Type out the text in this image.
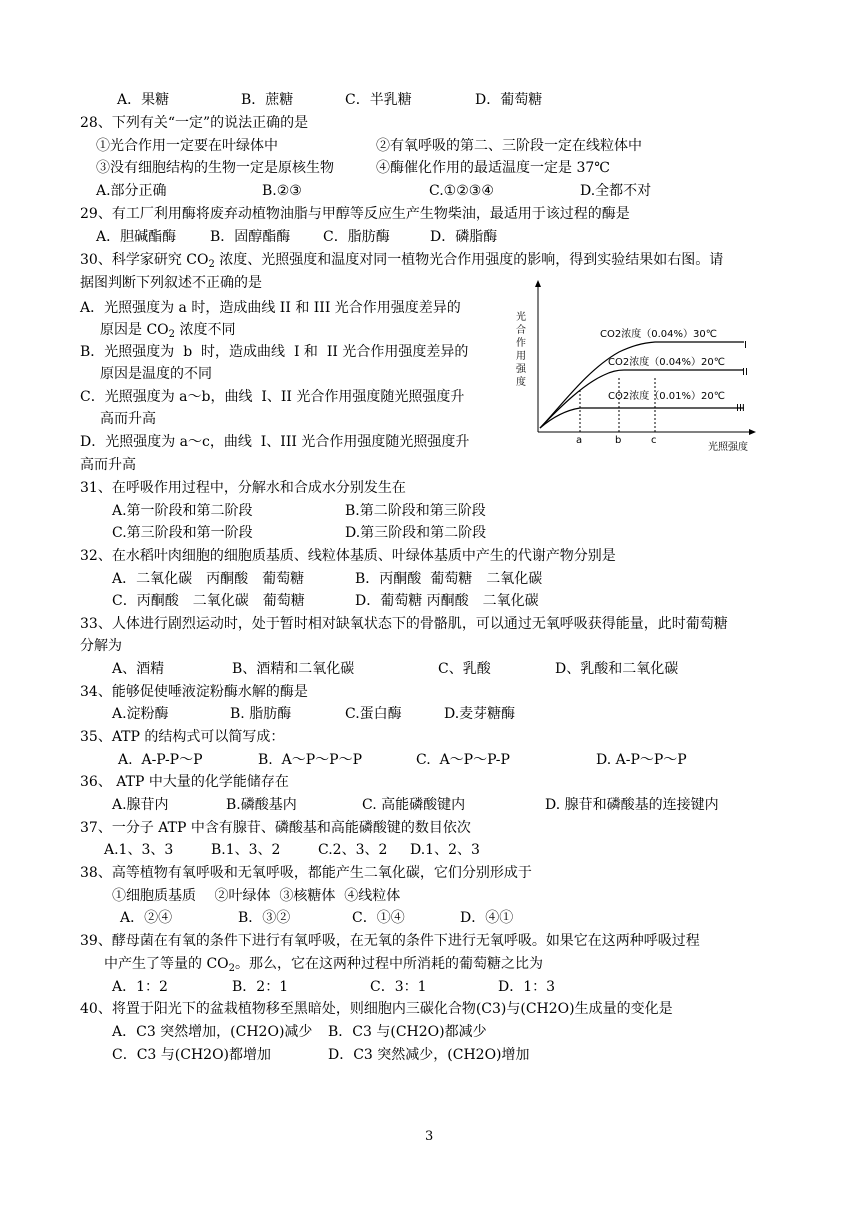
A．果糖	B．蔗糖	C．半乳糖	D．葡萄糖
28、下列有关“一定”的说法正确的是
①光合作用一定要在叶绿体中	②有氧呼吸的第二、三阶段一定在线粒体中
③没有细胞结构的生物一定是原核生物	④酶催化作用的最适温度一定是 37℃
A.部分正确	B.②③	C.①②③④	D.全都不对
29、有工厂利用酶将废弃动植物油脂与甲醇等反应生产生物柴油，最适用于该过程的酶是
A．胆碱酯酶 B．固醇酯酶 C．脂肪酶	D．磷脂酶
30、科学家研究 $CO_2$ 浓度、光照强度和温度对同一植物光合作用强度的影响，得到实验结果如右图。请
据图判断下列叙述不正确的是
A．光照强度为 a 时，造成曲线 II 和 III 光合作用强度差异的
原因是 $CO_2$ 浓度不同
B．光照强度为  b  时，造成曲线  I 和  II 光合作用强度差异的
原因是温度的不同
C．光照强度为 a～b，曲线  I、II 光合作用强度随光照强度升
高而升高
D．光照强度为 a～c，曲线  I、III 光合作用强度随光照强度升
高而升高
光
合
作
用
强
度
CO2浓度（0.04%）30℃
I
CO2浓度（0.04%）20℃
II
CO2浓度（0.01%）20℃
III
a	b	c
光照强度
31、在呼吸作用过程中，分解水和合成水分别发生在
A.第一阶段和第二阶段	B.第二阶段和第三阶段
C.第三阶段和第一阶段	D.第三阶段和第二阶段
32、在水稻叶肉细胞的细胞质基质、线粒体基质、叶绿体基质中产生的代谢产物分别是
A．二氧化碳　丙酮酸　葡萄糖	B．丙酮酸  葡萄糖　二氧化碳
C．丙酮酸　二氧化碳　葡萄糖	D．葡萄糖 丙酮酸　二氧化碳
33、人体进行剧烈运动时，处于暂时相对缺氧状态下的骨骼肌，可以通过无氧呼吸获得能量，此时葡萄糖
分解为
A、酒精	B、酒精和二氧化碳	C、乳酸	D、乳酸和二氧化碳
34、能够促使唾液淀粉酶水解的酶是
A.淀粉酶	B. 脂肪酶	C.蛋白酶	D.麦芽糖酶
35、ATP 的结构式可以简写成：
A.  A-P-P～P	B.  A～P～P～P	C.  A～P～P-P	D. A-P～P～P
36、 ATP 中大量的化学能储存在
A.腺苷内	B.磷酸基内	C. 高能磷酸键内	D. 腺苷和磷酸基的连接键内
37、一分子 ATP 中含有腺苷、磷酸基和高能磷酸键的数目依次
A.1、3、3	B.1、3、2	C.2、3、2 D.1、2、3
38、高等植物有氧呼吸和无氧呼吸，都能产生二氧化碳，它们分别形成于
①细胞质基质　 ②叶绿体  ③核糖体  ④线粒体
A．②④	B．③②	C．①④	D．④①
39、酵母菌在有氧的条件下进行有氧呼吸，在无氧的条件下进行无氧呼吸。如果它在这两种呼吸过程
中产生了等量的 $CO_2$。那么，它在这两种过程中所消耗的葡萄糖之比为
A．1：2	B．2：1	C．3：1	D．1：3
40、将置于阳光下的盆栽植物移至黑暗处，则细胞内三碳化合物(C3)与(CH2O)生成量的变化是
A．C3 突然增加，(CH2O)减少 B．C3 与(CH2O)都减少
C．C3 与(CH2O)都增加	D．C3 突然减少，(CH2O)增加
3
